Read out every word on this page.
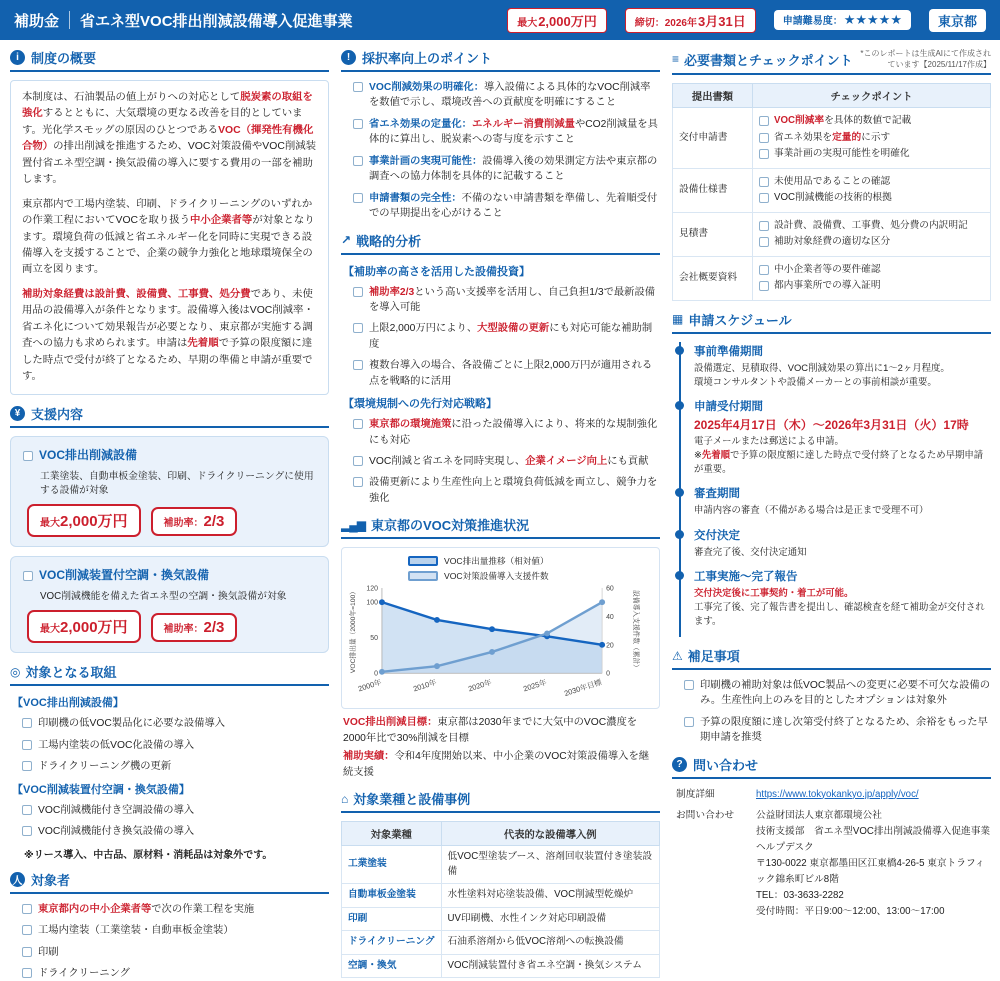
補助金 省エネ型VOC排出削減設備導入促進事業	最大 2,000万円	締切：2026年 3月31日	申請難易度： ★★★★★	東京都
i 制度の概要

本制度は、石油製品の値上がりへの対応として脱炭素の取組を強化するとともに、大気環境の更なる改善を目的としています。光化学スモッグの原因のひとつであるVOC（揮発性有機化合物）の排出削減を推進するため、VOC対策設備やVOC削減装置付省エネ型空調・換気設備の導入に要する費用の一部を補助します。

東京都内で工場内塗装、印刷、ドライクリーニングのいずれかの作業工程においてVOCを取り扱う中小企業者等が対象となります。環境負荷の低減と省エネルギー化を同時に実現できる設備導入を支援することで、企業の競争力強化と地球環境保全の両立を図ります。

補助対象経費は設計費、設備費、工事費、処分費であり、未使用品の設備導入が条件となります。設備導入後はVOC削減率・省エネ化について効果報告が必要となり、東京都が実施する調査への協力も求められます。申請は先着順で予算の限度額に達した時点で受付が終了となるため、早期の準備と申請が重要です。

¥ 支援内容
VOC排出削減設備
工業塗装、自動車板金塗装、印刷、ドライクリーニングに使用する設備が対象
最大 2,000万円	補助率： 2/3
VOC削減装置付空調・換気設備
VOC削減機能を備えた省エネ型の空調・換気設備が対象
最大 2,000万円	補助率： 2/3
◎ 対象となる取組
【VOC排出削減設備】
印刷機の低VOC製品化に必要な設備導入
工場内塗装の低VOC化設備の導入
ドライクリーニング機の更新
【VOC削減装置付空調・換気設備】
VOC削減機能付き空調設備の導入
VOC削減機能付き換気設備の導入
※リース導入、中古品、原材料・消耗品は対象外です。
人 対象者
東京都内の中小企業者等で次の作業工程を実施
工場内塗装（工業塗装・自動車板金塗装）
印刷
ドライクリーニング
! 採択率向上のポイント
VOC削減効果の明確化：導入設備による具体的なVOC削減率を数値で示し、環境改善への貢献度を明確にすること
省エネ効果の定量化：エネルギー消費削減量やCO2削減量を具体的に算出し、脱炭素への寄与度を示すこと
事業計画の実現可能性：設備導入後の効果測定方法や東京都の調査への協力体制を具体的に記載すること
申請書類の完全性：不備のない申請書類を準備し、先着順受付での早期提出を心がけること
↗ 戦略的分析
【補助率の高さを活用した設備投資】
補助率2/3という高い支援率を活用し、自己負担1/3で最新設備を導入可能
上限2,000万円により、大型設備の更新にも対応可能な補助制度
複数台導入の場合、各設備ごとに上限2,000万円が適用される点を戦略的に活用
【環境規制への先行対応戦略】
東京都の環境施策に沿った設備導入により、将来的な規制強化にも対応
VOC削減と省エネを同時実現し、企業イメージ向上にも貢献
設備更新により生産性向上と環境負荷低減を両立し、競争力を強化
▂▄▆ 東京都のVOC対策推進状況
VOC排出量推移（相対値）
VOC対策設備導入支援件数
0
50
100
120
0
20
40
60
2000年	2010年	2020年	2025年 2030年目標
VOC排出量（2000年=100）	設備導入支援件数（累計）
VOC排出削減目標：東京都は2030年までに大気中のVOC濃度を2000年比で30%削減を目標
補助実績：令和4年度開始以来、中小企業のVOC対策設備導入を継続支援
⌂ 対象業種と設備事例
対象業種	代表的な設備導入例
工業塗装	低VOC型塗装ブース、溶剤回収装置付き塗装設備
自動車板金塗装	水性塗料対応塗装設備、VOC削減型乾燥炉
印刷	UV印刷機、水性インク対応印刷設備
ドライクリーニング	石油系溶剤から低VOC溶剤への転換設備
空調・換気	VOC削減装置付き省エネ空調・換気システム
≡ 必要書類とチェックポイント *このレポートは生成AIにて作成されています【2025/11/17作成】
提出書類	チェックポイント
交付申請書	VOC削減率を具体的数値で記載
省エネ効果を定量的に示す
事業計画の実現可能性を明確化

設備仕様書	未使用品であることの確認
VOC削減機能の技術的根拠

見積書	設計費、設備費、工事費、処分費の内訳明記
補助対象経費の適切な区分

会社概要資料	中小企業者等の要件確認
都内事業所での導入証明
▦ 申請スケジュール
事前準備期間
設備選定、見積取得、VOC削減効果の算出に1～2ヶ月程度。
環境コンサルタントや設備メーカーとの事前相談が重要。
申請受付期間
2025年4月17日（木）～2026年3月31日（火）17時
電子メールまたは郵送による申請。
※先着順で予算の限度額に達した時点で受付終了となるため早期申請が重要。
審査期間
申請内容の審査（不備がある場合は是正まで受理不可）
交付決定
審査完了後、交付決定通知
工事実施～完了報告
交付決定後に工事契約・着工が可能。
工事完了後、完了報告書を提出し、確認検査を経て補助金が交付されます。
⚠ 補足事項
印刷機の補助対象は低VOC製品への変更に必要不可欠な設備のみ。生産性向上のみを目的としたオプションは対象外
予算の限度額に達し次第受付終了となるため、余裕をもった早期申請を推奨
? 問い合わせ
制度詳細	https://www.tokyokankyo.jp/apply/voc/
お問い合わせ	公益財団法人東京都環境公社
技術支援部　省エネ型VOC排出削減設備導入促進事業　ヘルプデスク
〒130-0022 東京都墨田区江東橋4-26-5 東京トラフィック錦糸町ビル8階
TEL：03-3633-2282
受付時間：平日9:00～12:00、13:00～17:00
